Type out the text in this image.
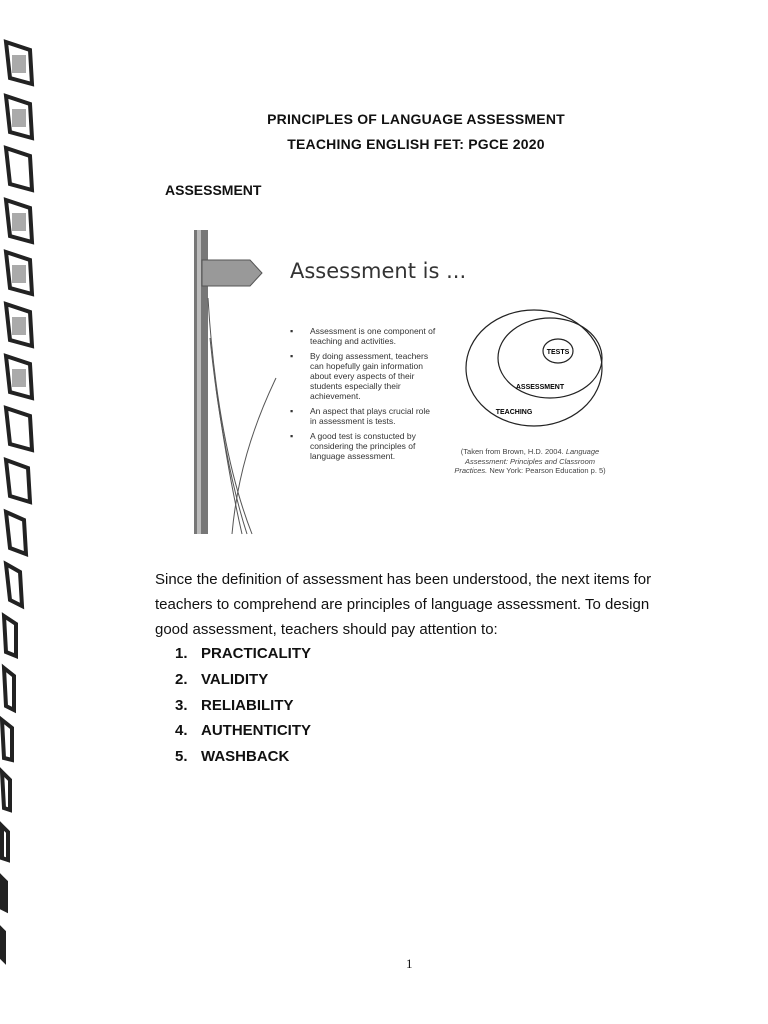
PRINCIPLES OF LANGUAGE ASSESSMENT
TEACHING ENGLISH FET: PGCE 2020
ASSESSMENT
Assessment is ...
▪ Assessment is one component of teaching and activities.
▪ By doing assessment, teachers can hopefully gain information about every aspects of their students especially their achievement.
▪ An aspect that plays crucial role in assessment is tests.
▪ A good test is constucted by considering the principles of language assessment.
TESTS
ASSESSMENT
TEACHING
(Taken from Brown, H.D. 2004. Language Assessment: Principles and Classroom Practices. New York: Pearson Education p. 5)

Since the definition of assessment has been understood, the next items for teachers to comprehend are principles of language assessment. To design good assessment, teachers should pay attention to:

1. PRACTICALITY
2. VALIDITY
3. RELIABILITY
4. AUTHENTICITY
5. WASHBACK
1
